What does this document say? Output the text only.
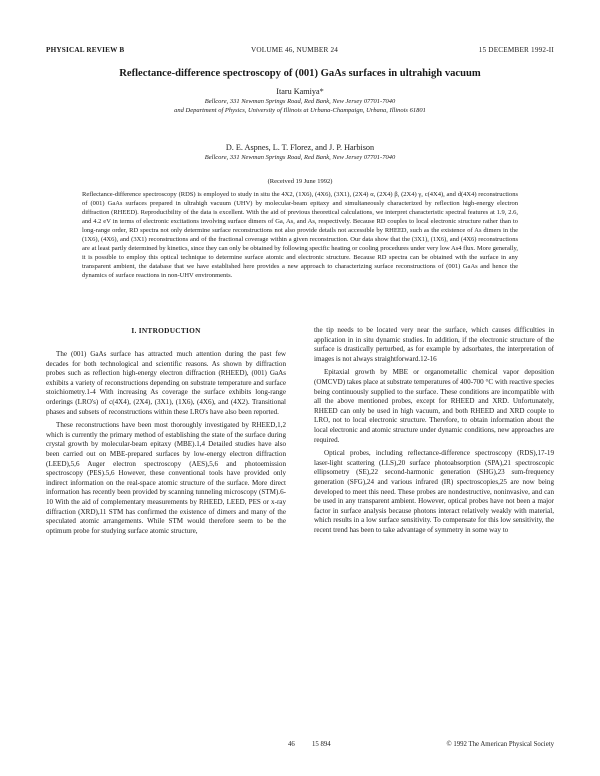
PHYSICAL REVIEW B	VOLUME 46, NUMBER 24	15 DECEMBER 1992-II
Reflectance-difference spectroscopy of (001) GaAs surfaces in ultrahigh vacuum
Itaru Kamiya*
Bellcore, 331 Newman Springs Road, Red Bank, New Jersey 07701-7040
and Department of Physics, University of Illinois at Urbana-Champaign, Urbana, Illinois 61801
D. E. Aspnes, L. T. Florez, and J. P. Harbison
Bellcore, 331 Newman Springs Road, Red Bank, New Jersey 07701-7040
(Received 19 June 1992)

Reflectance-difference spectroscopy (RDS) is employed to study in situ the 4X2, (1X6), (4X6), (3X1), (2X4) α, (2X4) β, (2X4) γ, c(4X4), and d(4X4) reconstructions of (001) GaAs surfaces prepared in ultrahigh vacuum (UHV) by molecular-beam epitaxy and simultaneously characterized by reflection high-energy electron diffraction (RHEED). Reproducibility of the data is excellent. With the aid of previous theoretical calculations, we interpret characteristic spectral features at 1.9, 2.6, and 4.2 eV in terms of electronic excitations involving surface dimers of Ga, As, and As, respectively. Because RD couples to local electronic structure rather than to long-range order, RD spectra not only determine surface reconstructions not also provide details not accessible by RHEED, such as the existence of As dimers in the (1X6), (4X6), and (3X1) reconstructions and of the fractional coverage within a given reconstruction. Our data show that the (3X1), (1X6), and (4X6) reconstructions are at least partly determined by kinetics, since they can only be obtained by following specific heating or cooling procedures under very low As4 flux. More generally, it is possible to employ this optical technique to determine surface atomic and electronic structure. Because RD spectra can be obtained with the surface in any transparent ambient, the database that we have established here provides a new approach to characterizing surface reconstructions of (001) GaAs and hence the dynamics of surface reactions in non-UHV environments.

I. INTRODUCTION

The (001) GaAs surface has attracted much attention during the past few decades for both technological and scientific reasons. As shown by diffraction probes such as reflection high-energy electron diffraction (RHEED), (001) GaAs exhibits a variety of reconstructions depending on substrate temperature and surface stoichiometry.1-4 With increasing As coverage the surface exhibits long-range orderings (LRO's) of c(4X4), (2X4), (3X1), (1X6), (4X6), and (4X2). Transitional phases and subsets of reconstructions within these LRO's have also been reported.

These reconstructions have been most thoroughly investigated by RHEED,1,2 which is currently the primary method of establishing the state of the surface during crystal growth by molecular-beam epitaxy (MBE).1,4 Detailed studies have also been carried out on MBE-prepared surfaces by low-energy electron diffraction (LEED),5,6 Auger electron spectroscopy (AES),5,6 and photoemission spectroscopy (PES).5,6 However, these conventional tools have provided only indirect information on the real-space atomic structure of the surface. More direct information has recently been provided by scanning tunneling microscopy (STM).6-10 With the aid of complementary measurements by RHEED, LEED, PES or x-ray diffraction (XRD),11 STM has confirmed the existence of dimers and many of the speculated atomic arrangements. While STM would therefore seem to be the optimum probe for studying surface atomic structure,

the tip needs to be located very near the surface, which causes difficulties in application in in situ dynamic studies. In addition, if the electronic structure of the surface is drastically perturbed, as for example by adsorbates, the interpretation of images is not always straightforward.12-16

Epitaxial growth by MBE or organometallic chemical vapor deposition (OMCVD) takes place at substrate temperatures of 400-700 °C with reactive species being continuously supplied to the surface. These conditions are incompatible with all the above mentioned probes, except for RHEED and XRD. Unfortunately, RHEED can only be used in high vacuum, and both RHEED and XRD couple to LRO, not to local electronic structure. Therefore, to obtain information about the local electronic and atomic structure under dynamic conditions, new approaches are required.

Optical probes, including reflectance-difference spectroscopy (RDS),17-19 laser-light scattering (LLS),20 surface photoabsorption (SPA),21 spectroscopic ellipsometry (SE),22 second-harmonic generation (SHG),23 sum-frequency generation (SFG),24 and various infrared (IR) spectroscopies,25 are now being developed to meet this need. These probes are nondestructive, noninvasive, and can be used in any transparent ambient. However, optical probes have not been a major factor in surface analysis because photons interact relatively weakly with material, which results in a low surface sensitivity. To compensate for this low sensitivity, the recent trend has been to take advantage of symmetry in some way to

46	15 894	© 1992 The American Physical Society
